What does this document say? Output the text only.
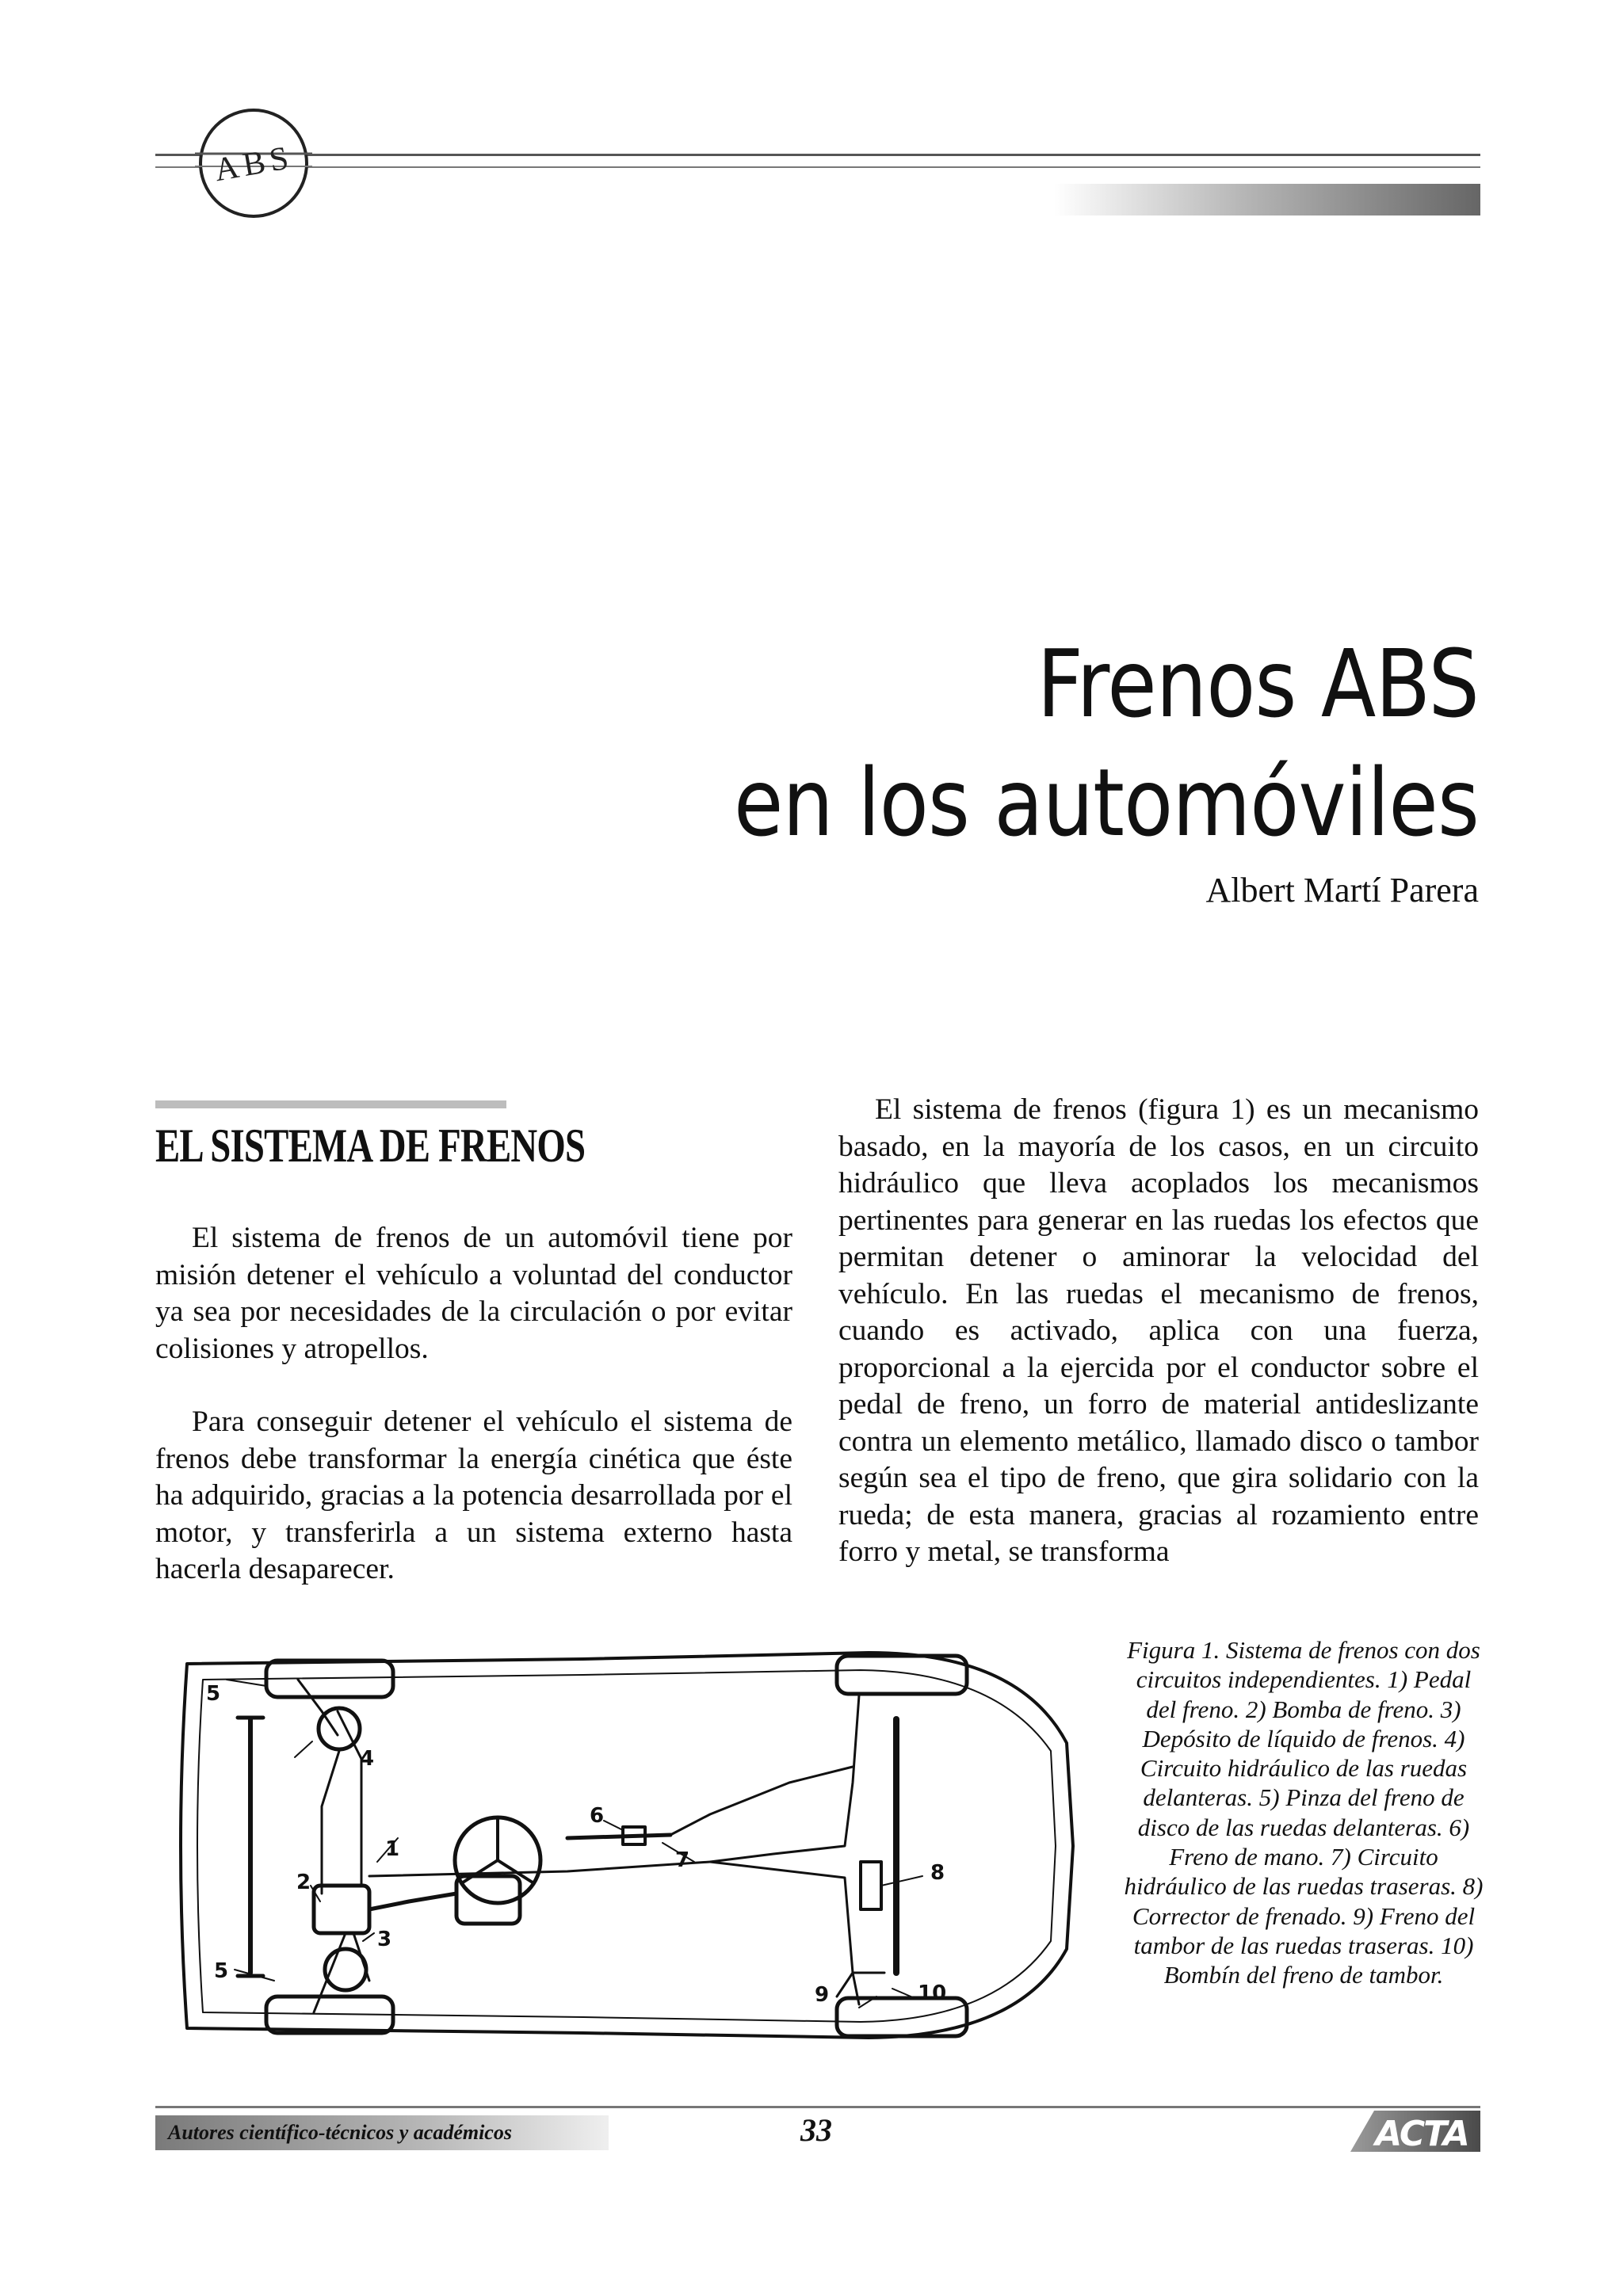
ABS
Frenos ABS
en los automóviles
Albert Martí Parera
EL SISTEMA DE FRENOS

El sistema de frenos de un automóvil tiene por misión detener el vehículo a voluntad del conductor ya sea por necesidades de la circulación o por evitar colisiones y atropellos.

Para conseguir detener el vehículo el sistema de frenos debe transformar la energía cinética que éste ha adquirido, gracias a la potencia desarrollada por el motor, y transferirla a un sistema externo hasta hacerla desaparecer.

El sistema de frenos (figura 1) es un mecanismo basado, en la mayoría de los casos, en un circuito hidráulico que lleva acoplados los mecanismos pertinentes para generar en las ruedas los efectos que permitan detener o aminorar la velocidad del vehículo. En las ruedas el mecanismo de frenos, cuando es activado, aplica con una fuerza, proporcional a la ejercida por el conductor sobre el pedal de freno, un forro de material antideslizante contra un elemento metálico, llamado disco o tambor según sea el tipo de freno, que gira solidario con la rueda; de esta manera, gracias al rozamiento entre forro y metal, se transforma

1
2
3
4
5
5
6
7
8
9	10
Figura 1. Sistema de frenos con dos circuitos independientes. 1) Pedal del freno. 2) Bomba de freno. 3) Depósito de líquido de frenos. 4) Circuito hidráulico de las ruedas delanteras. 5) Pinza del freno de disco de las ruedas delanteras. 6) Freno de mano. 7) Circuito hidráulico de las ruedas traseras. 8) Corrector de frenado. 9) Freno del tambor de las ruedas traseras. 10) Bombín del freno de tambor.
Autores científico-técnicos y académicos	33	ACTA
